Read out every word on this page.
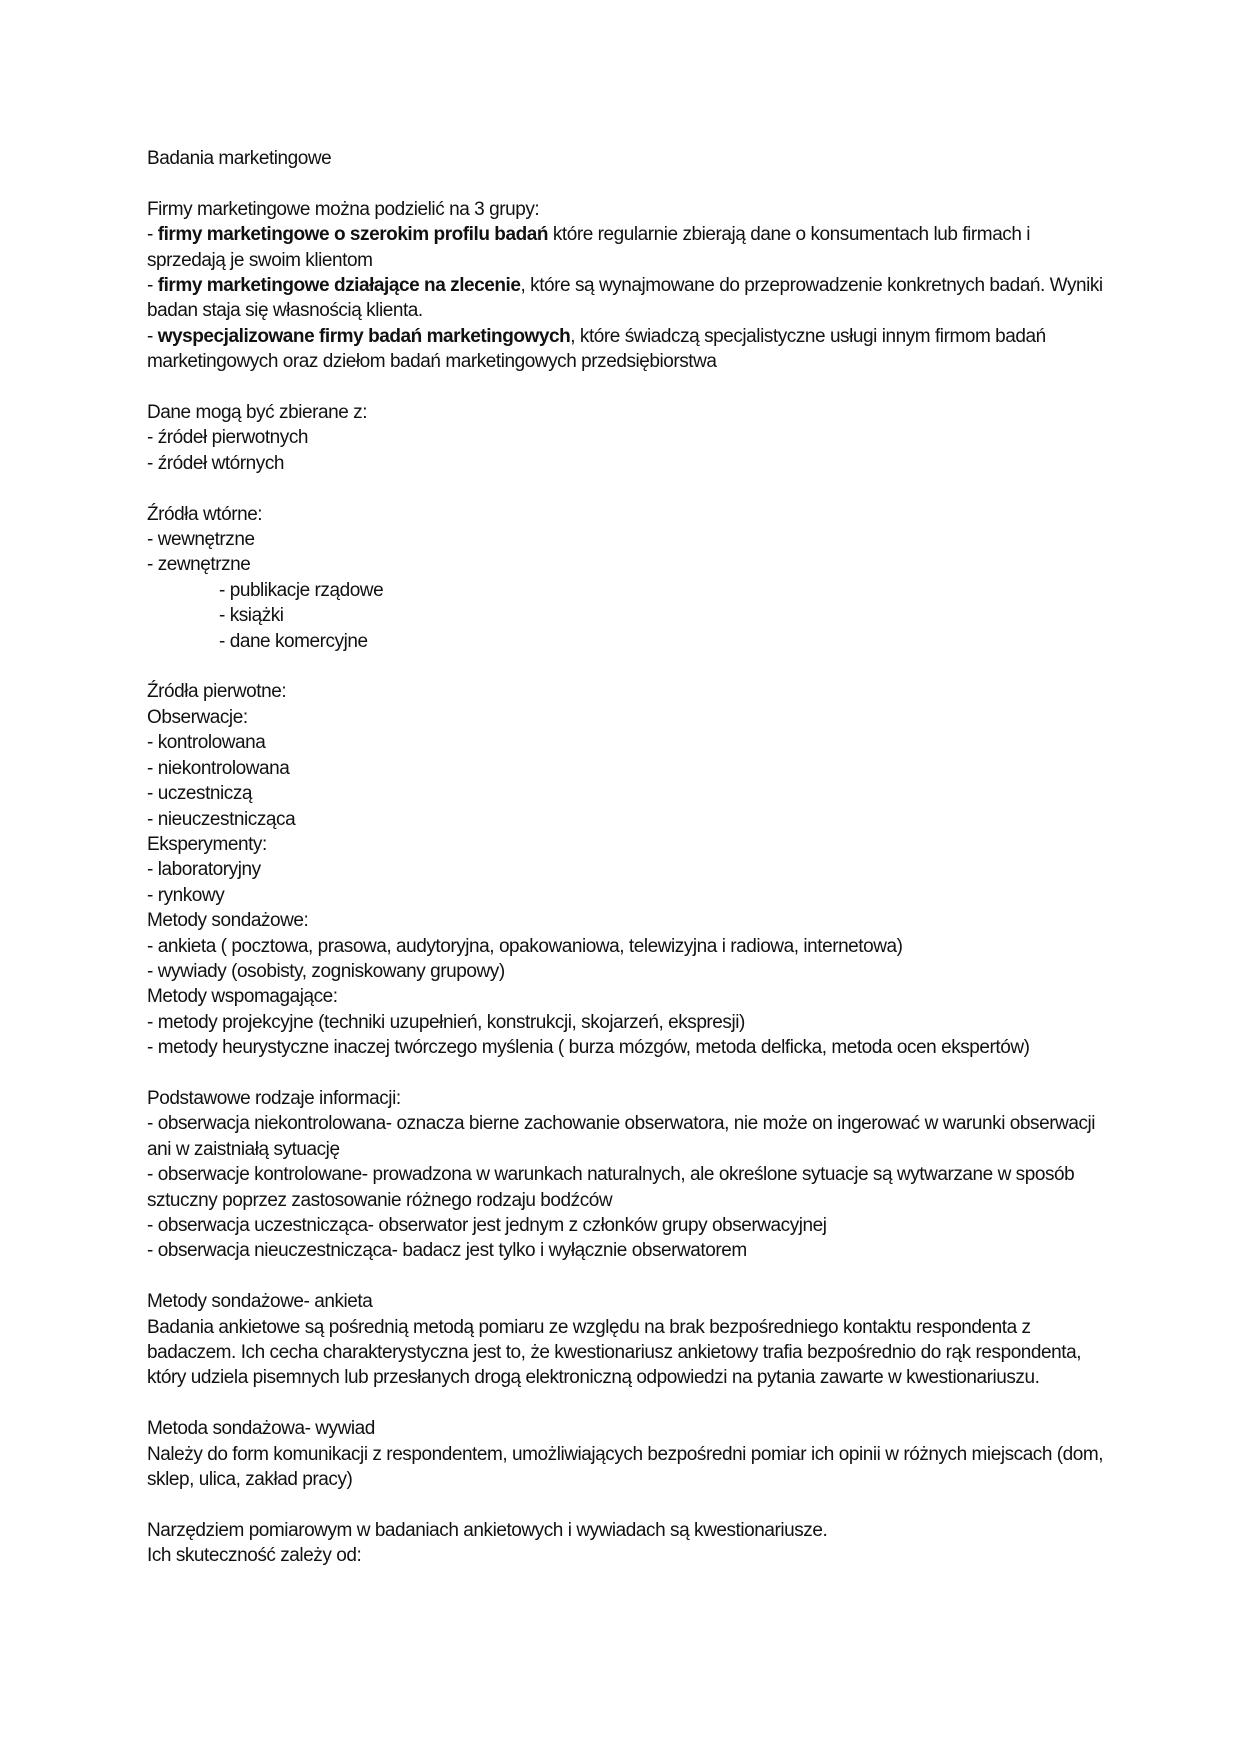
Badania marketingowe
Firmy marketingowe można podzielić na 3 grupy:
- firmy marketingowe o szerokim profilu badań które regularnie zbierają dane o konsumentach lub firmach i sprzedają je swoim klientom
- firmy marketingowe działające na zlecenie, które są wynajmowane do przeprowadzenie konkretnych badań. Wyniki badan staja się własnością klienta.
- wyspecjalizowane firmy badań marketingowych, które świadczą specjalistyczne usługi innym firmom badań marketingowych oraz dziełom badań marketingowych przedsiębiorstwa
Dane mogą być zbierane z:
- źródeł pierwotnych
- źródeł wtórnych
Źródła wtórne:
- wewnętrzne
- zewnętrzne
- publikacje rządowe
- książki
- dane komercyjne
Źródła pierwotne:
Obserwacje:
- kontrolowana
- niekontrolowana
- uczestniczą
- nieuczestnicząca
Eksperymenty:
- laboratoryjny
- rynkowy
Metody sondażowe:
- ankieta ( pocztowa, prasowa, audytoryjna, opakowaniowa, telewizyjna i radiowa, internetowa)
- wywiady (osobisty, zogniskowany grupowy)
Metody wspomagające:
- metody projekcyjne (techniki uzupełnień, konstrukcji, skojarzeń, ekspresji)
- metody heurystyczne inaczej twórczego myślenia ( burza mózgów, metoda delficka, metoda ocen ekspertów)
Podstawowe rodzaje informacji:
- obserwacja niekontrolowana- oznacza bierne zachowanie obserwatora, nie może on ingerować w warunki obserwacji ani w zaistniałą sytuację
- obserwacje kontrolowane- prowadzona w warunkach naturalnych, ale określone sytuacje są wytwarzane w sposób sztuczny poprzez zastosowanie różnego rodzaju bodźców
- obserwacja uczestnicząca- obserwator jest jednym z członków grupy obserwacyjnej
- obserwacja nieuczestnicząca- badacz jest tylko i wyłącznie obserwatorem
Metody sondażowe- ankieta
Badania ankietowe są pośrednią metodą pomiaru ze względu na brak bezpośredniego kontaktu respondenta z badaczem. Ich cecha charakterystyczna jest to, że kwestionariusz ankietowy trafia bezpośrednio do rąk respondenta, który udziela pisemnych lub przesłanych drogą elektroniczną odpowiedzi na pytania zawarte w kwestionariuszu.
Metoda sondażowa- wywiad
Należy do form komunikacji z respondentem, umożliwiających bezpośredni pomiar ich opinii w różnych miejscach (dom, sklep, ulica, zakład pracy)
Narzędziem pomiarowym w badaniach ankietowych i wywiadach są kwestionariusze.
Ich skuteczność zależy od:
